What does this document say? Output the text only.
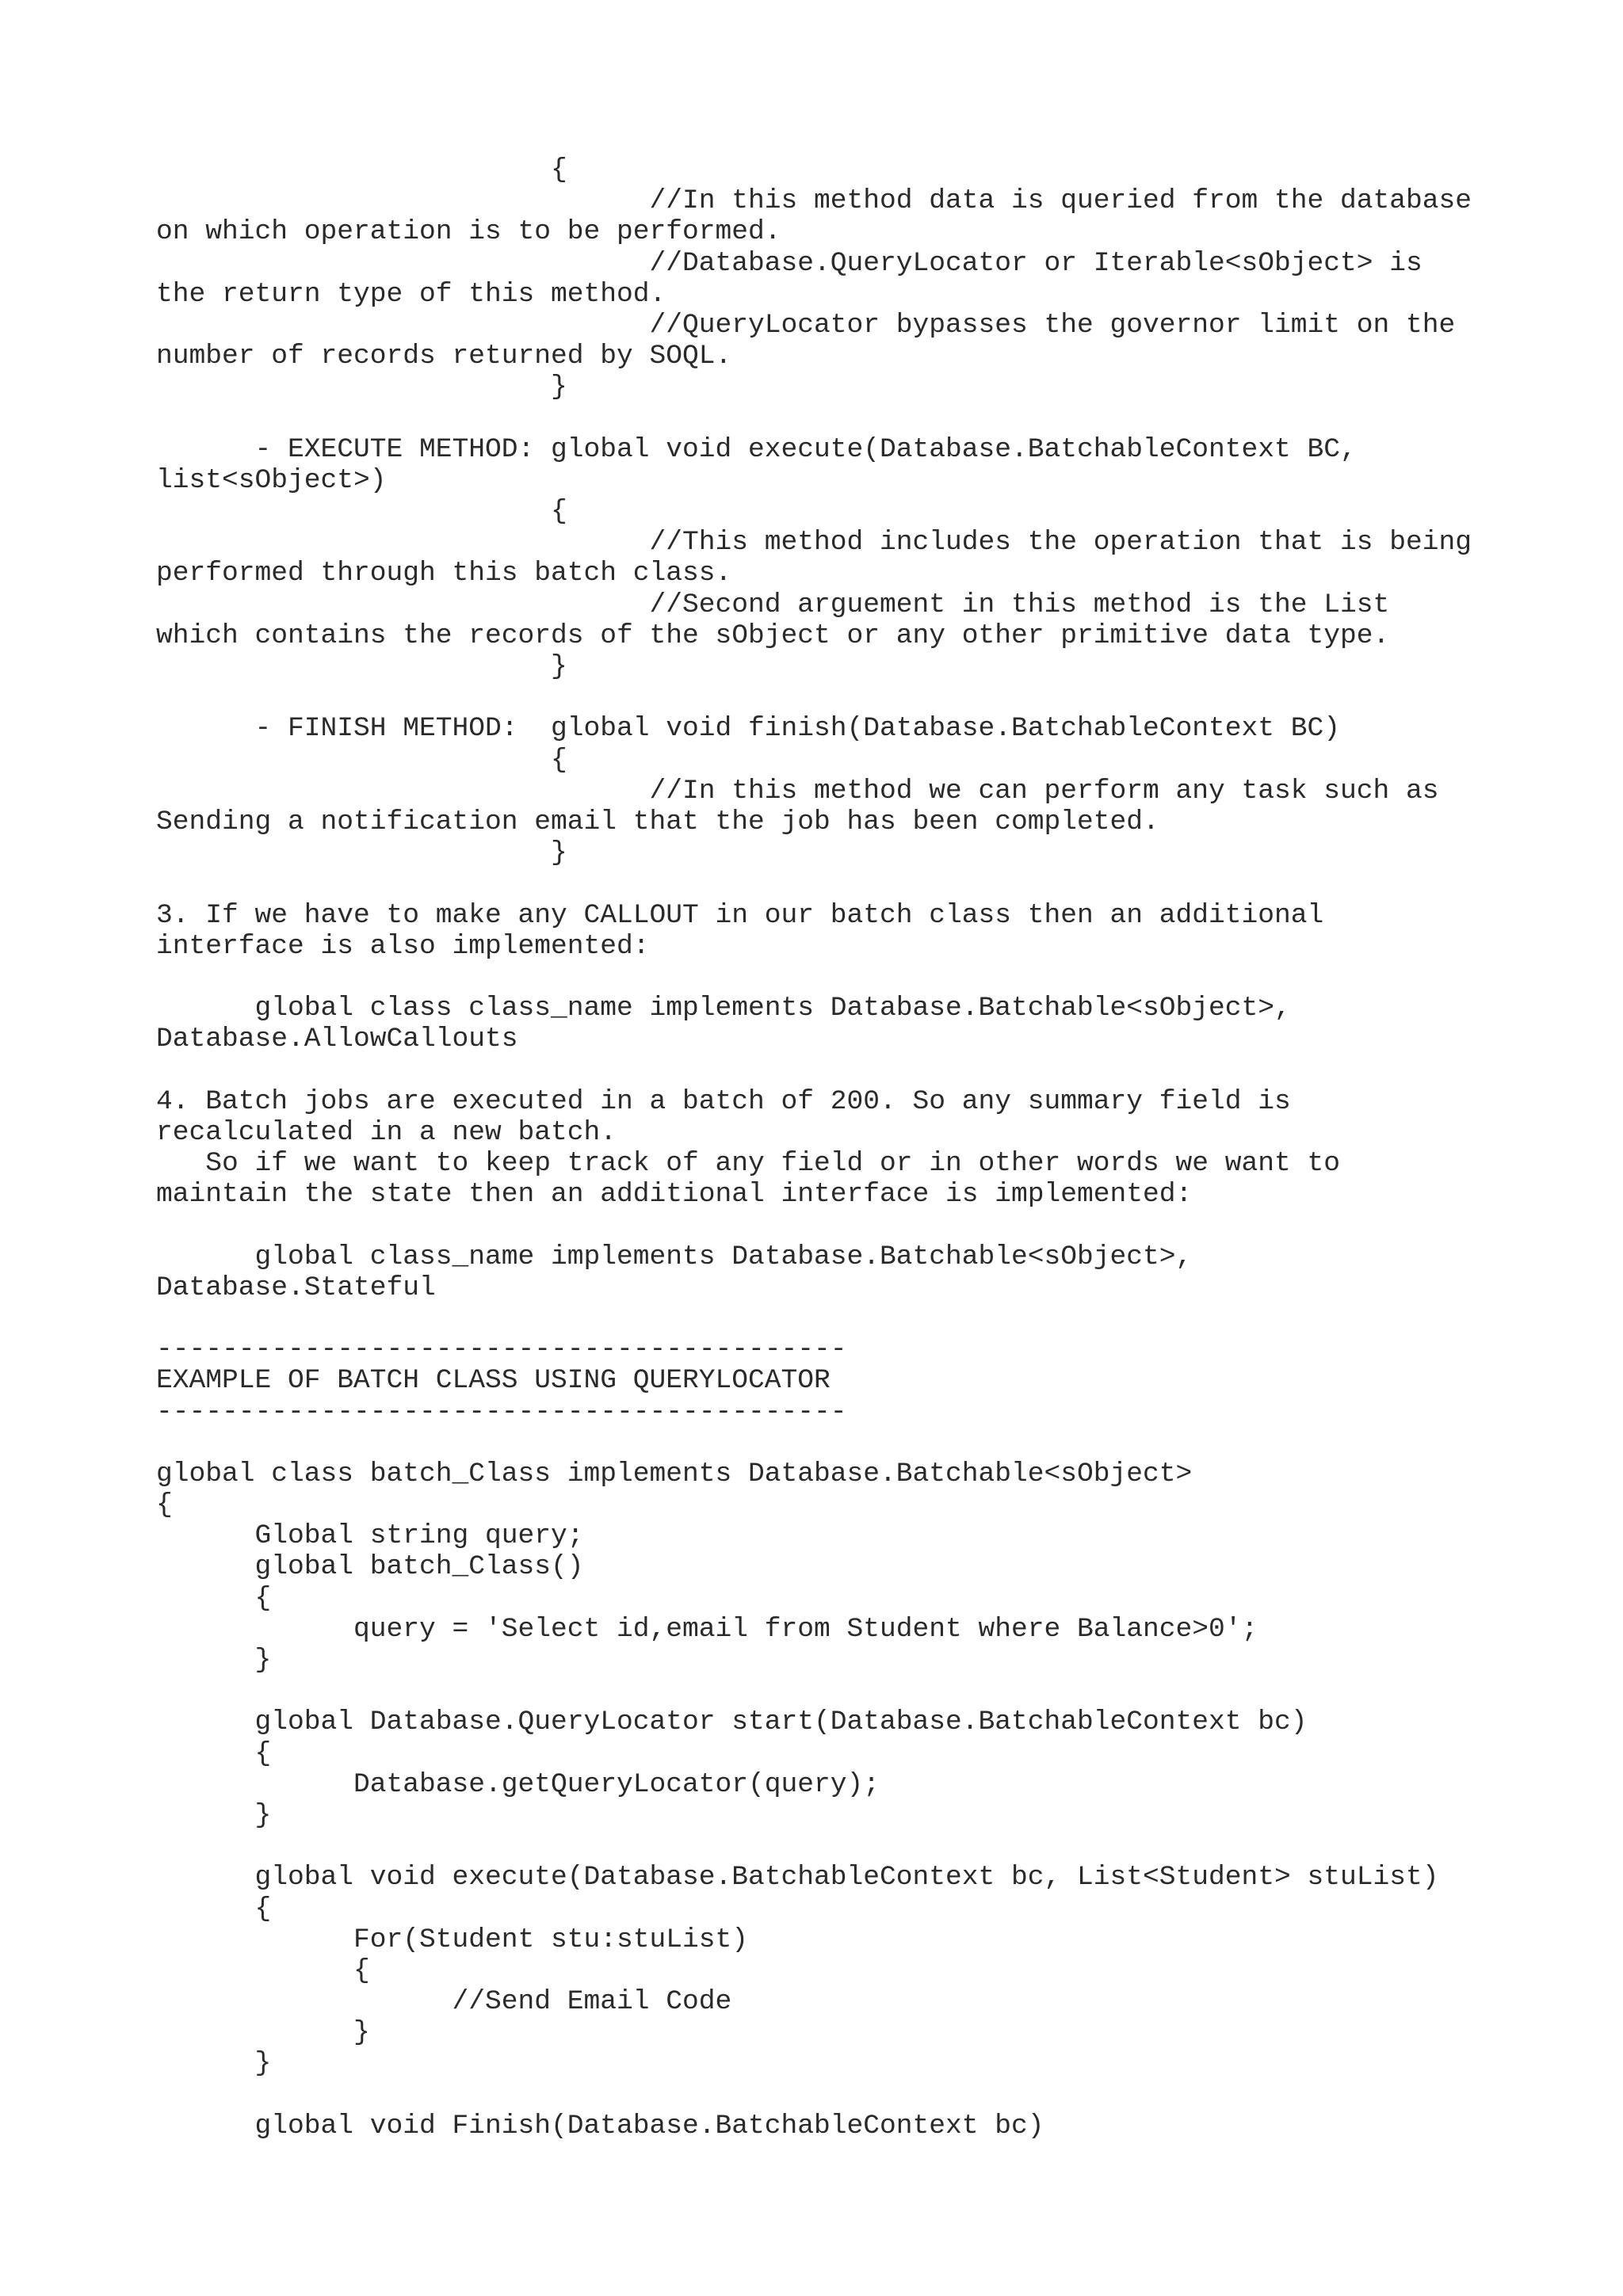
{
//In this method data is queried from the database
on which operation is to be performed.
//Database.QueryLocator or Iterable<sObject> is
the return type of this method.
//QueryLocator bypasses the governor limit on the
number of records returned by SOQL.
}
- EXECUTE METHOD: global void execute(Database.BatchableContext BC,
list<sObject>)
{
//This method includes the operation that is being
performed through this batch class.
//Second arguement in this method is the List
which contains the records of the sObject or any other primitive data type.
}
- FINISH METHOD:  global void finish(Database.BatchableContext BC)
{
//In this method we can perform any task such as
Sending a notification email that the job has been completed.
}
3. If we have to make any CALLOUT in our batch class then an additional
interface is also implemented:
global class class_name implements Database.Batchable<sObject>,
Database.AllowCallouts
4. Batch jobs are executed in a batch of 200. So any summary field is
recalculated in a new batch.
So if we want to keep track of any field or in other words we want to
maintain the state then an additional interface is implemented:
global class_name implements Database.Batchable<sObject>,
Database.Stateful
------------------------------------------
EXAMPLE OF BATCH CLASS USING QUERYLOCATOR
------------------------------------------
global class batch_Class implements Database.Batchable<sObject>
{
Global string query;
global batch_Class()
{
query = 'Select id,email from Student where Balance>0';
}
global Database.QueryLocator start(Database.BatchableContext bc)
{
Database.getQueryLocator(query);
}
global void execute(Database.BatchableContext bc, List<Student> stuList)
{
For(Student stu:stuList)
{
//Send Email Code
}
}
global void Finish(Database.BatchableContext bc)
